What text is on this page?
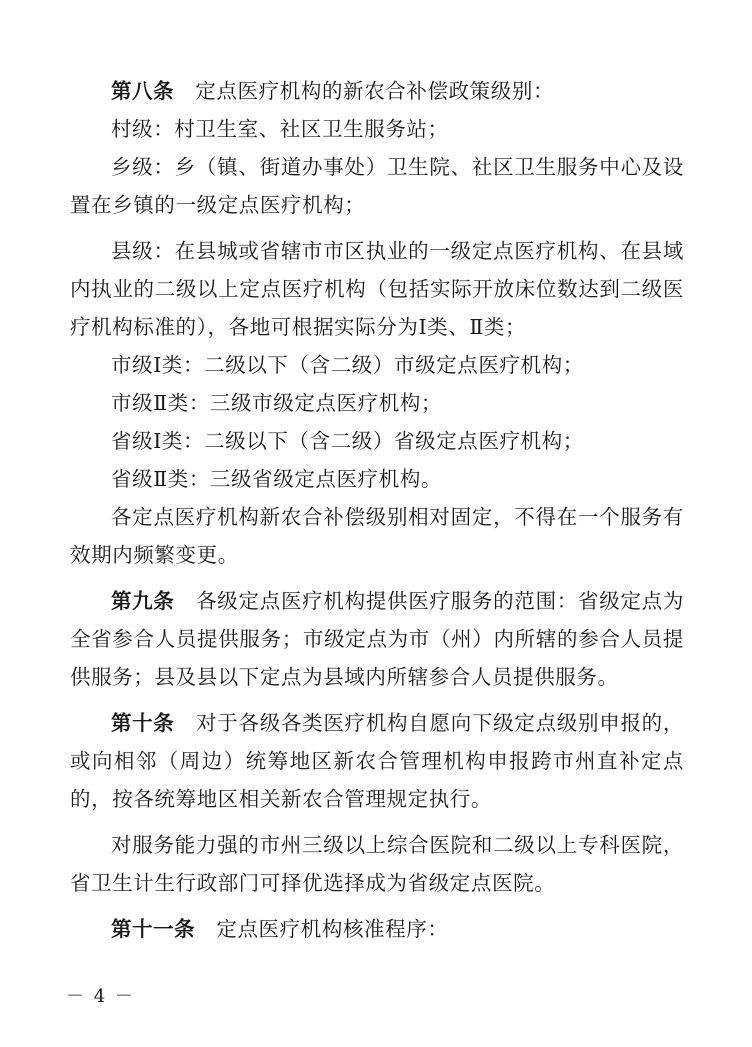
第八条 定点医疗机构的新农合补偿政策级别：

村级：村卫生室、社区卫生服务站；

乡级：乡（镇、街道办事处）卫生院、社区卫生服务中心及设置在乡镇的一级定点医疗机构；

县级：在县城或省辖市市区执业的一级定点医疗机构、在县域内执业的二级以上定点医疗机构（包括实际开放床位数达到二级医疗机构标准的），各地可根据实际分为Ⅰ类、Ⅱ类；

市级Ⅰ类：二级以下（含二级）市级定点医疗机构；

市级Ⅱ类：三级市级定点医疗机构；

省级Ⅰ类：二级以下（含二级）省级定点医疗机构；

省级Ⅱ类：三级省级定点医疗机构。

各定点医疗机构新农合补偿级别相对固定，不得在一个服务有效期内频繁变更。

第九条 各级定点医疗机构提供医疗服务的范围：省级定点为全省参合人员提供服务；市级定点为市（州）内所辖的参合人员提供服务；县及县以下定点为县域内所辖参合人员提供服务。

第十条 对于各级各类医疗机构自愿向下级定点级别申报的，或向相邻（周边）统筹地区新农合管理机构申报跨市州直补定点的，按各统筹地区相关新农合管理规定执行。

对服务能力强的市州三级以上综合医院和二级以上专科医院，省卫生计生行政部门可择优选择成为省级定点医院。

第十一条 定点医疗机构核准程序：

－ 4 －
